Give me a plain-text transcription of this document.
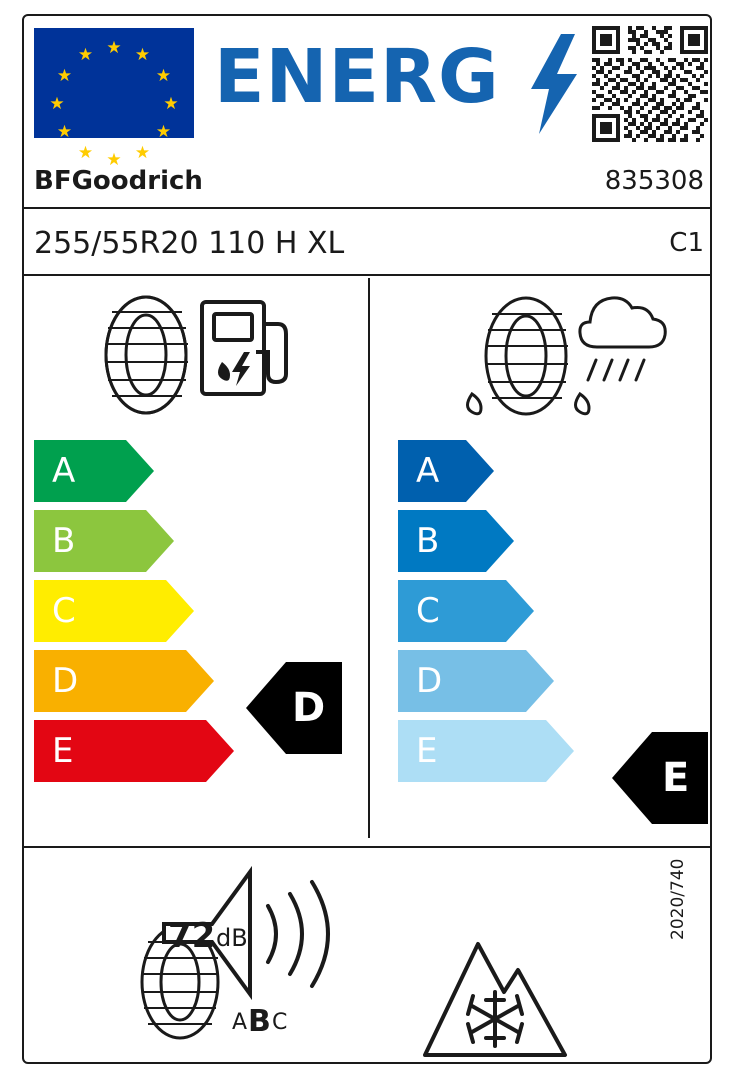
★ ★
★
★
★
★
★
★
★
★
★
★ ENERG
BFGoodrich	835308
255/55R20 110 H XL	C1
A
B
C
D
E
D
A
B
C
D
E
E
72 dB
A B C
2020/740
